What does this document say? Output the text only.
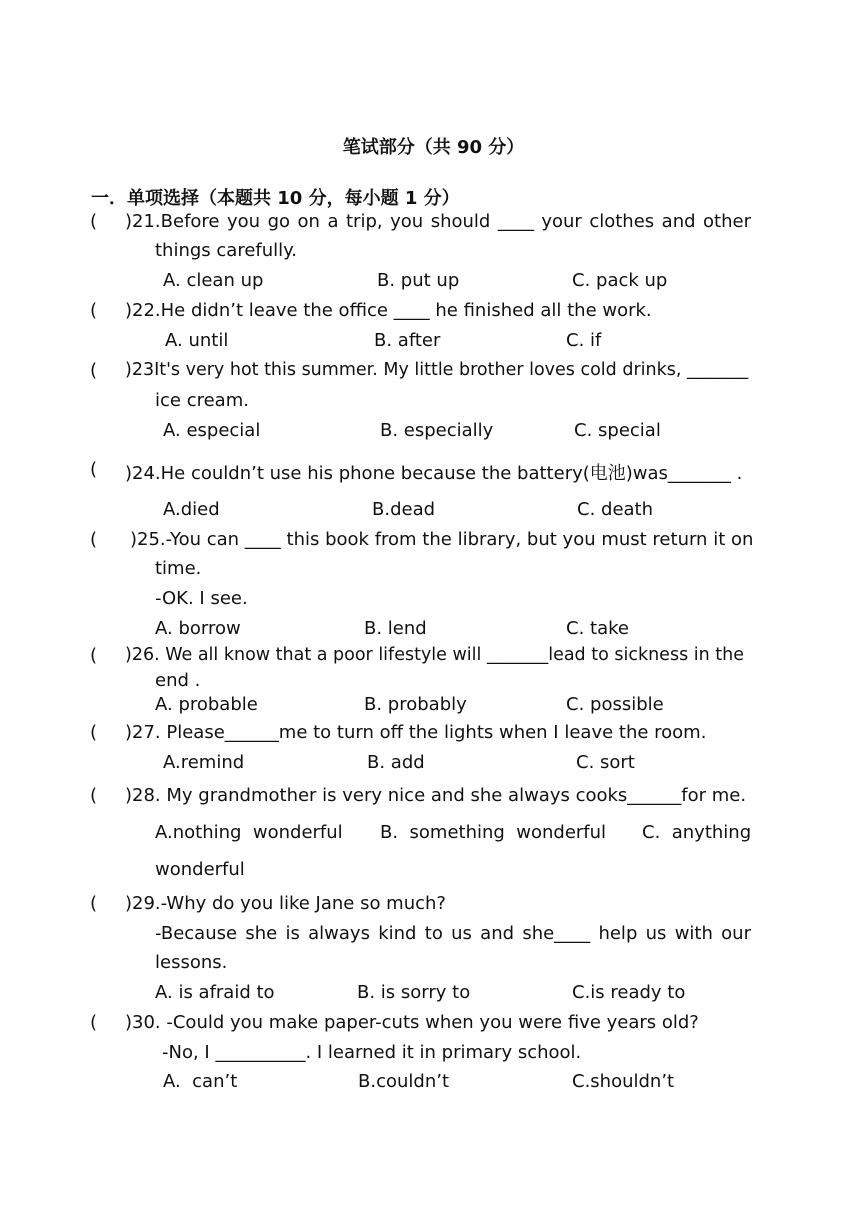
笔试部分（共 90 分）
一．单项选择（本题共 10 分，每小题 1 分）
( )21.Before you go on a trip, you should ____ your clothes and other
things carefully.
A. clean up	B. put up	C. pack up
( )22.He didn’t leave the office ____ he finished all the work.
A. until	B. after	C. if
( )23It's very hot this summer. My little brother loves cold drinks, _______
ice cream.
A. especial	B. especially	C. special
( )24.He couldn’t use his phone because the battery(电池)was_______ .
A.died	B.dead	C. death
( )25.-You can ____ this book from the library, but you must return it on
time.
-OK. I see.
A. borrow	B. lend	C. take
( )26. We all know that a poor lifestyle will _______lead to sickness in the
end .
A. probable	B. probably	C. possible
( )27. Please______me to turn off the lights when I leave the room.
A.remind	B. add	C. sort
( )28. My grandmother is very nice and she always cooks______for me.
A.nothing  wonderful B.  something  wonderful C.  anything
wonderful
( )29.-Why do you like Jane so much?
-Because she is always kind to us and she____ help us with our
lessons.
A. is afraid to	B. is sorry to	C.is ready to
( )30. -Could you make paper-cuts when you were five years old?
-No, I __________. I learned it in primary school.
A.  can’t	B.couldn’t	C.shouldn’t
